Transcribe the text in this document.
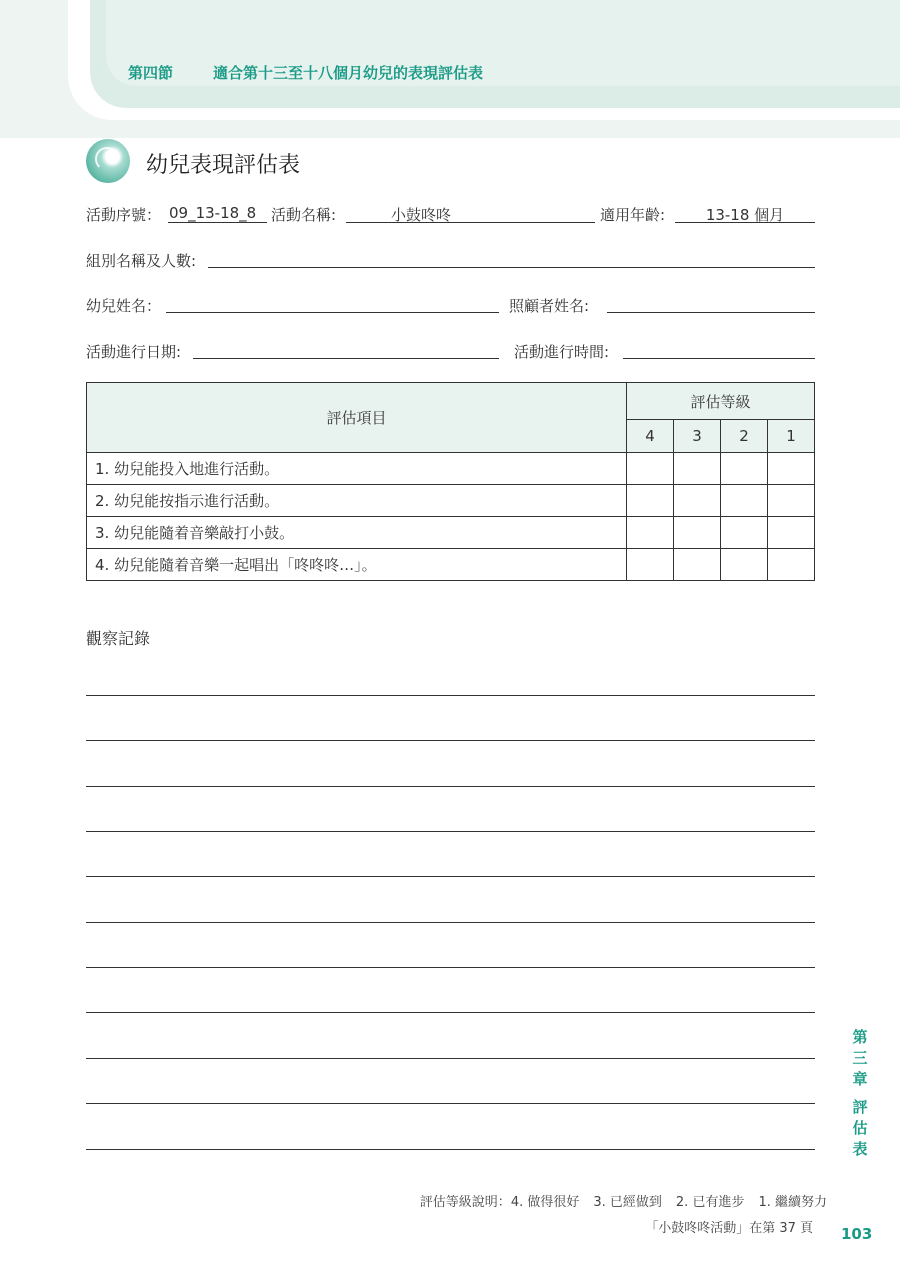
第四節	適合第十三至十八個月幼兒的表現評估表
幼兒表現評估表
活動序號： 09_13-18_8 活動名稱:	小鼓咚咚	適用年齡:	13-18 個月
組別名稱及人數:
幼兒姓名：	照顧者姓名:
活動進行日期:	活動進行時間:
評估項目	評估等級			
	4	3	2	1
1. 幼兒能投入地進行活動。				
2. 幼兒能按指示進行活動。				
3. 幼兒能隨着音樂敲打小鼓。				
4. 幼兒能隨着音樂一起唱出「咚咚咚…」。				
觀察記錄
第
三
章
評
估
表
評估等級說明：4. 做得很好 3. 已經做到 2. 已有進步 1. 繼續努力
「小鼓咚咚活動」在第 37 頁 103
